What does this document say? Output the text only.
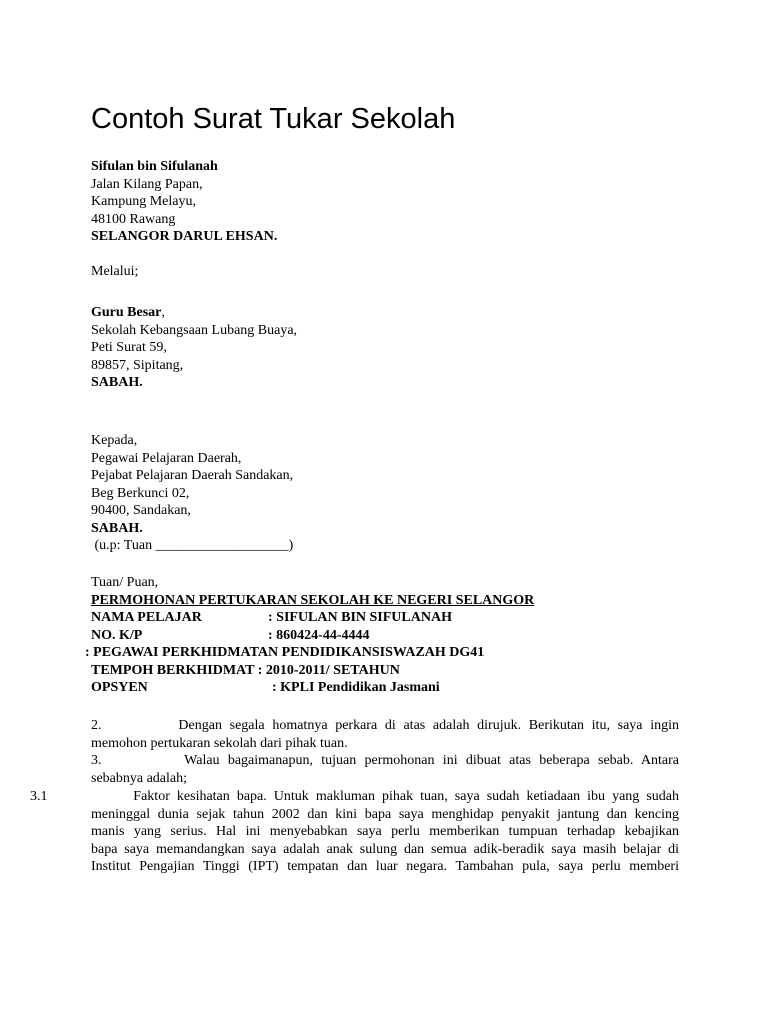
Contoh Surat Tukar Sekolah
Sifulan bin Sifulanah
Jalan Kilang Papan,
Kampung Melayu,
48100 Rawang
SELANGOR DARUL EHSAN.
Melalui;
Guru Besar,
Sekolah Kebangsaan Lubang Buaya,
Peti Surat 59,
89857, Sipitang,
SABAH.
Kepada,
Pegawai Pelajaran Daerah,
Pejabat Pelajaran Daerah Sandakan,
Beg Berkunci 02,
90400, Sandakan,
SABAH.
(u.p: Tuan ___________________)
Tuan/ Puan,
PERMOHONAN PERTUKARAN SEKOLAH KE NEGERI SELANGOR
NAMA PELAJAR	: SIFULAN BIN SIFULANAH
NO. K/P	: 860424-44-4444
: PEGAWAI PERKHIDMATAN PENDIDIKANSISWAZAH DG41
TEMPOH BERKHIDMAT : 2010-2011/ SETAHUN
OPSYEN	: KPLI Pendidikan Jasmani
2.          Dengan segala homatnya perkara di atas adalah dirujuk. Berikutan itu, saya ingin
memohon pertukaran sekolah dari pihak tuan.
3.          Walau bagaimanapun, tujuan permohonan ini dibuat atas beberapa sebab. Antara
sebabnya adalah;
3.1	Faktor kesihatan bapa. Untuk makluman pihak tuan, saya sudah ketiadaan ibu yang sudah
meninggal dunia sejak tahun 2002 dan kini bapa saya menghidap penyakit jantung dan kencing
manis yang serius. Hal ini menyebabkan saya perlu memberikan tumpuan terhadap kebajikan
bapa saya memandangkan saya adalah anak sulung dan semua adik-beradik saya masih belajar di
Institut Pengajian Tinggi (IPT) tempatan dan luar negara. Tambahan pula, saya perlu memberi
